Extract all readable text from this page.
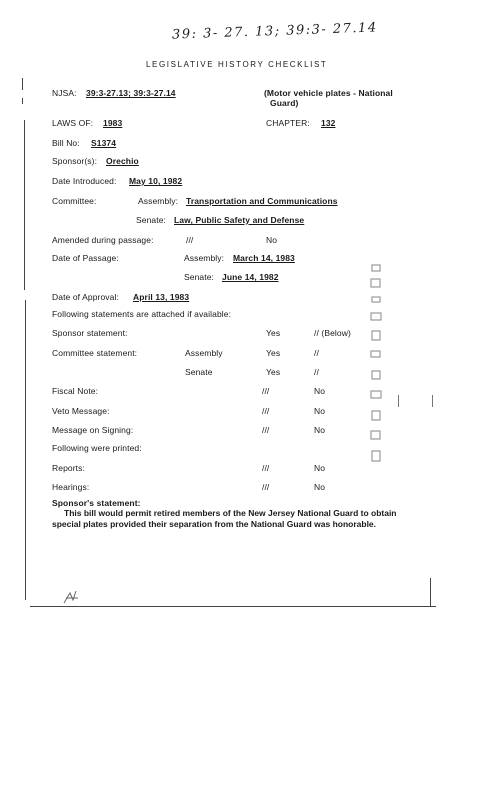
39: 3- 27. 13; 39:3- 27.14
LEGISLATIVE HISTORY CHECKLIST
NJSA: 39:3-27.13; 39:3-27.14	(Motor vehicle plates - National
Guard)
LAWS OF: 1983	CHAPTER: 132
Bill No: S1374
Sponsor(s): Orechio
Date Introduced: May 10, 1982
Committee:	Assembly: Transportation and Communications
Senate: Law, Public Safety and Defense
Amended during passage:	///	No
Date of Passage:	Assembly: March 14, 1983
Senate: June 14, 1982
Date of Approval: April 13, 1983
Following statements are attached if available:
Sponsor statement:	Yes	// (Below)
Committee statement:	Assembly	Yes	//
Senate	Yes	//
Fiscal Note:	///	No
Veto Message:	///	No
Message on Signing:	///	No
Following were printed:
Reports:	///	No
Hearings:	///	No
Sponsor's statement:
This bill would permit retired members of the New Jersey National Guard to obtain special plates provided their separation from the National Guard was honorable.
